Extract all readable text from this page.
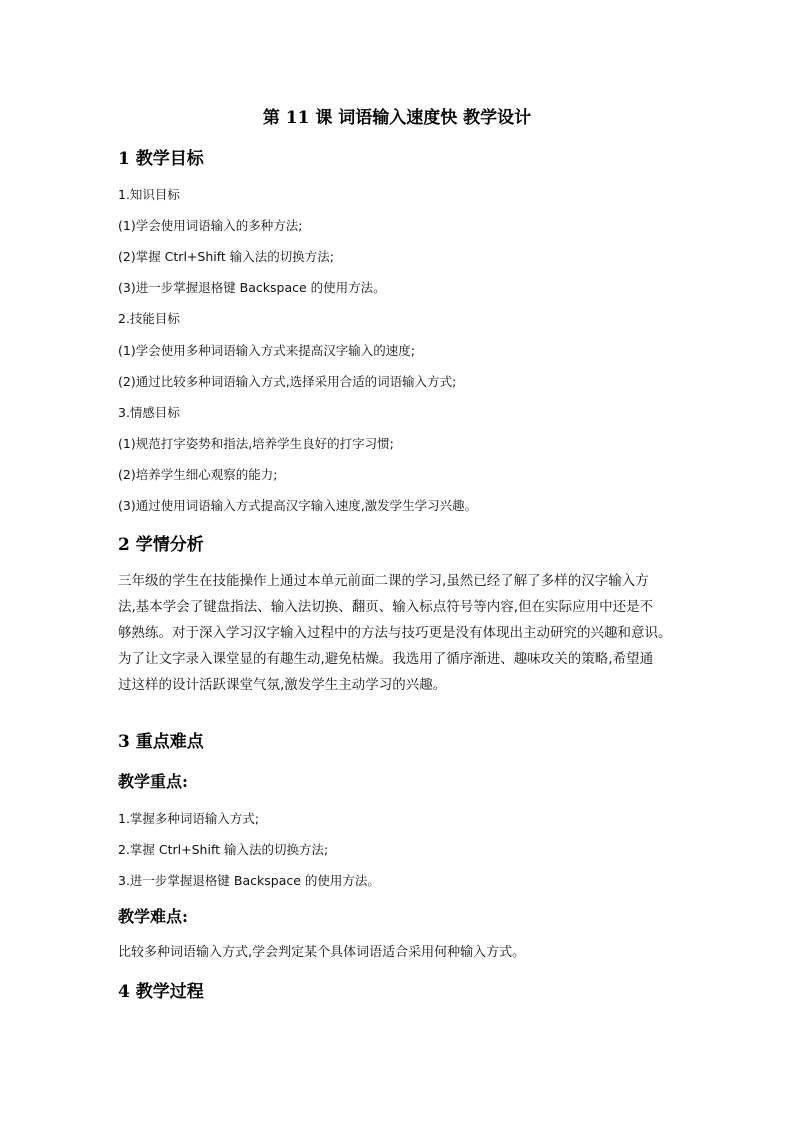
第 11 课 词语输入速度快 教学设计
1 教学目标
1.知识目标
(1)学会使用词语输入的多种方法;
(2)掌握 Ctrl+Shift 输入法的切换方法;
(3)进一步掌握退格键 Backspace 的使用方法。
2.技能目标
(1)学会使用多种词语输入方式来提高汉字输入的速度;
(2)通过比较多种词语输入方式,选择采用合适的词语输入方式;
3.情感目标
(1)规范打字姿势和指法,培养学生良好的打字习惯;
(2)培养学生细心观察的能力;
(3)通过使用词语输入方式提高汉字输入速度,激发学生学习兴趣。
2 学情分析
三年级的学生在技能操作上通过本单元前面二课的学习,虽然已经了解了多样的汉字输入方
法,基本学会了键盘指法、输入法切换、翻页、输入标点符号等内容,但在实际应用中还是不
够熟练。对于深入学习汉字输入过程中的方法与技巧更是没有体现出主动研究的兴趣和意识。
为了让文字录入课堂显的有趣生动,避免枯燥。我选用了循序渐进、趣味攻关的策略,希望通
过这样的设计活跃课堂气氛,激发学生主动学习的兴趣。
3 重点难点
教学重点:
1.掌握多种词语输入方式;
2.掌握 Ctrl+Shift 输入法的切换方法;
3.进一步掌握退格键 Backspace 的使用方法。
教学难点:
比较多种词语输入方式,学会判定某个具体词语适合采用何种输入方式。
4 教学过程
